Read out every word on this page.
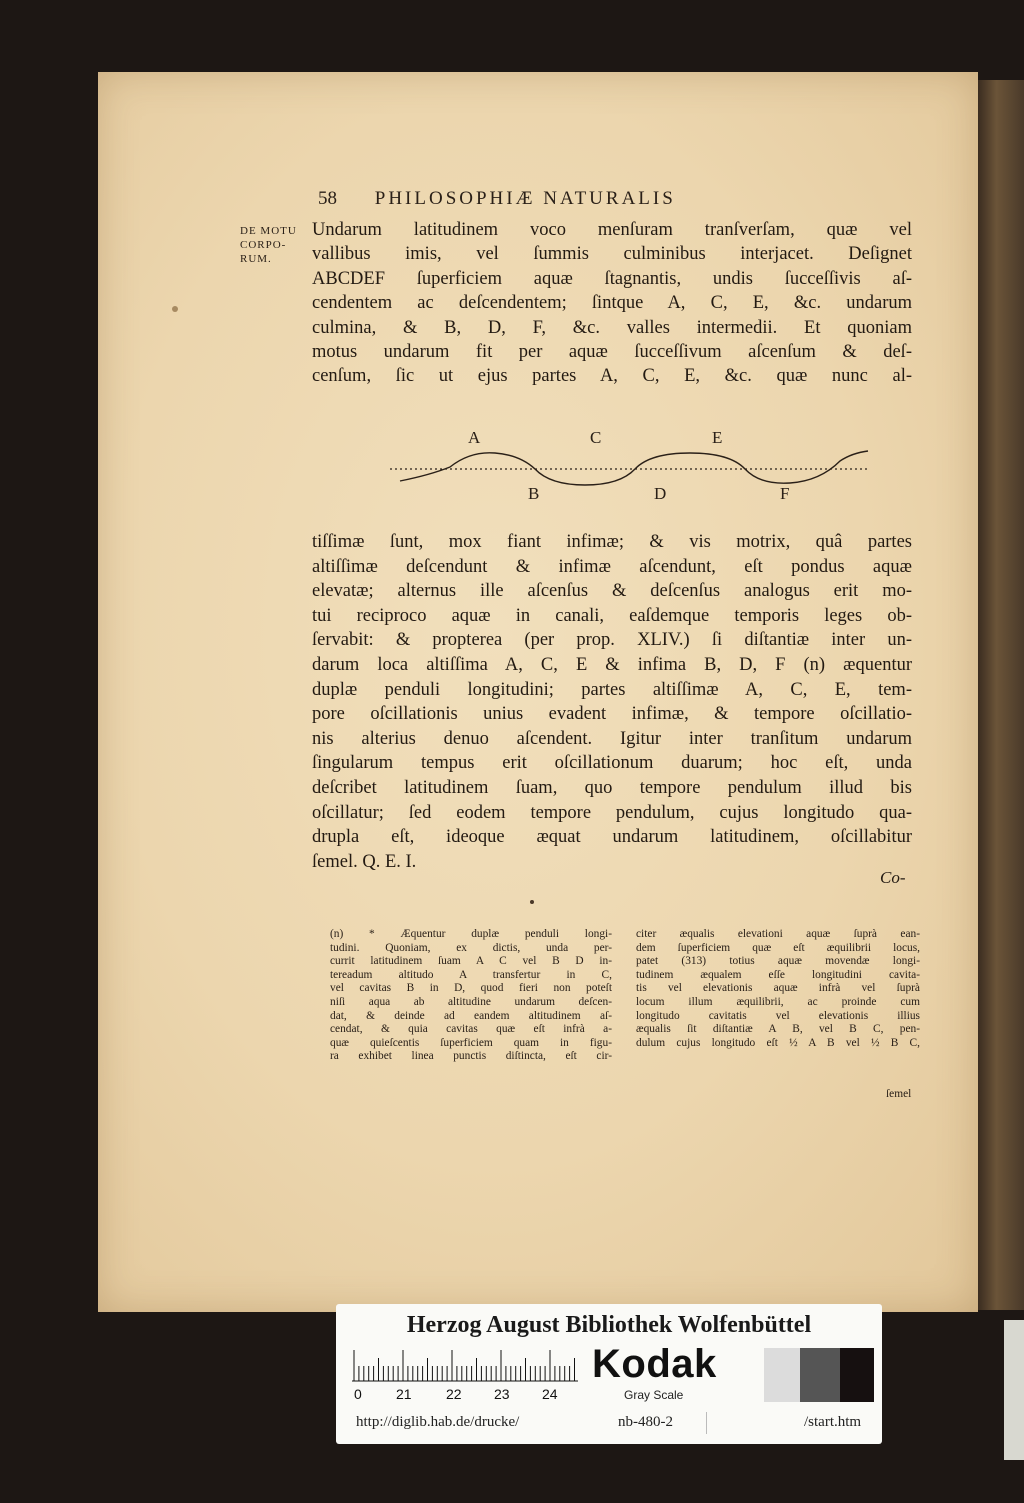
58 PHILOSOPHIÆ NATURALIS
DE MOTU
CORPO-
RUM.
Undarum latitudinem voco menſuram tranſverſam, quæ vel
vallibus imis, vel ſummis culminibus interjacet. Deſignet
ABCDEF ſuperficiem aquæ ſtagnantis, undis ſucceſſivis aſ-
cendentem ac deſcendentem; ſintque A, C, E, &c. undarum
culmina, & B, D, F, &c. valles intermedii. Et quoniam
motus undarum fit per aquæ ſucceſſivum aſcenſum & deſ-
cenſum, ſic ut ejus partes A, C, E, &c. quæ nunc al-
A	C	E
B	D	F
tiſſimæ ſunt, mox fiant infimæ; & vis motrix, quâ partes
altiſſimæ deſcendunt & infimæ aſcendunt, eſt pondus aquæ
elevatæ; alternus ille aſcenſus & deſcenſus analogus erit mo-
tui reciproco aquæ in canali, eaſdemque temporis leges ob-
ſervabit: & propterea (per prop. XLIV.) ſi diſtantiæ inter un-
darum loca altiſſima A, C, E & infima B, D, F (n) æquentur
duplæ penduli longitudini; partes altiſſimæ A, C, E, tem-
pore oſcillationis unius evadent infimæ, & tempore oſcillatio-
nis alterius denuo aſcendent. Igitur inter tranſitum undarum
ſingularum tempus erit oſcillationum duarum; hoc eſt, unda
deſcribet latitudinem ſuam, quo tempore pendulum illud bis
oſcillatur; ſed eodem tempore pendulum, cujus longitudo qua-
drupla eſt, ideoque æquat undarum latitudinem, oſcillabitur
ſemel. Q. E. I.
Co-
(n) * Æquentur duplæ penduli longi-
tudini. Quoniam, ex dictis, unda per-
currit latitudinem ſuam A C vel B D in-
tereadum altitudo A transfertur in C,
vel cavitas B in D, quod fieri non poteſt
niſi aqua ab altitudine undarum deſcen-
dat, & deinde ad eandem altitudinem aſ-
cendat, & quia cavitas quæ eſt infrà a-
quæ quieſcentis ſuperficiem quam in figu-
ra exhibet linea punctis diſtincta, eſt cir-
citer æqualis elevationi aquæ ſuprà ean-
dem ſuperficiem quæ eſt æquilibrii locus,
patet (313) totius aquæ movendæ longi-
tudinem æqualem eſſe longitudini cavita-
tis vel elevationis aquæ infrà vel ſuprà
locum illum æquilibrii, ac proinde cum
longitudo cavitatis vel elevationis illius
æqualis ſit diſtantiæ A B, vel B C, pen-
dulum cujus longitudo eſt ½ A B vel ½ B C,
ſemel
Herzog August Bibliothek Wolfenbüttel
0 21 22 23 24
Kodak
Gray Scale
http://diglib.hab.de/drucke/	nb-480-2	/start.htm
